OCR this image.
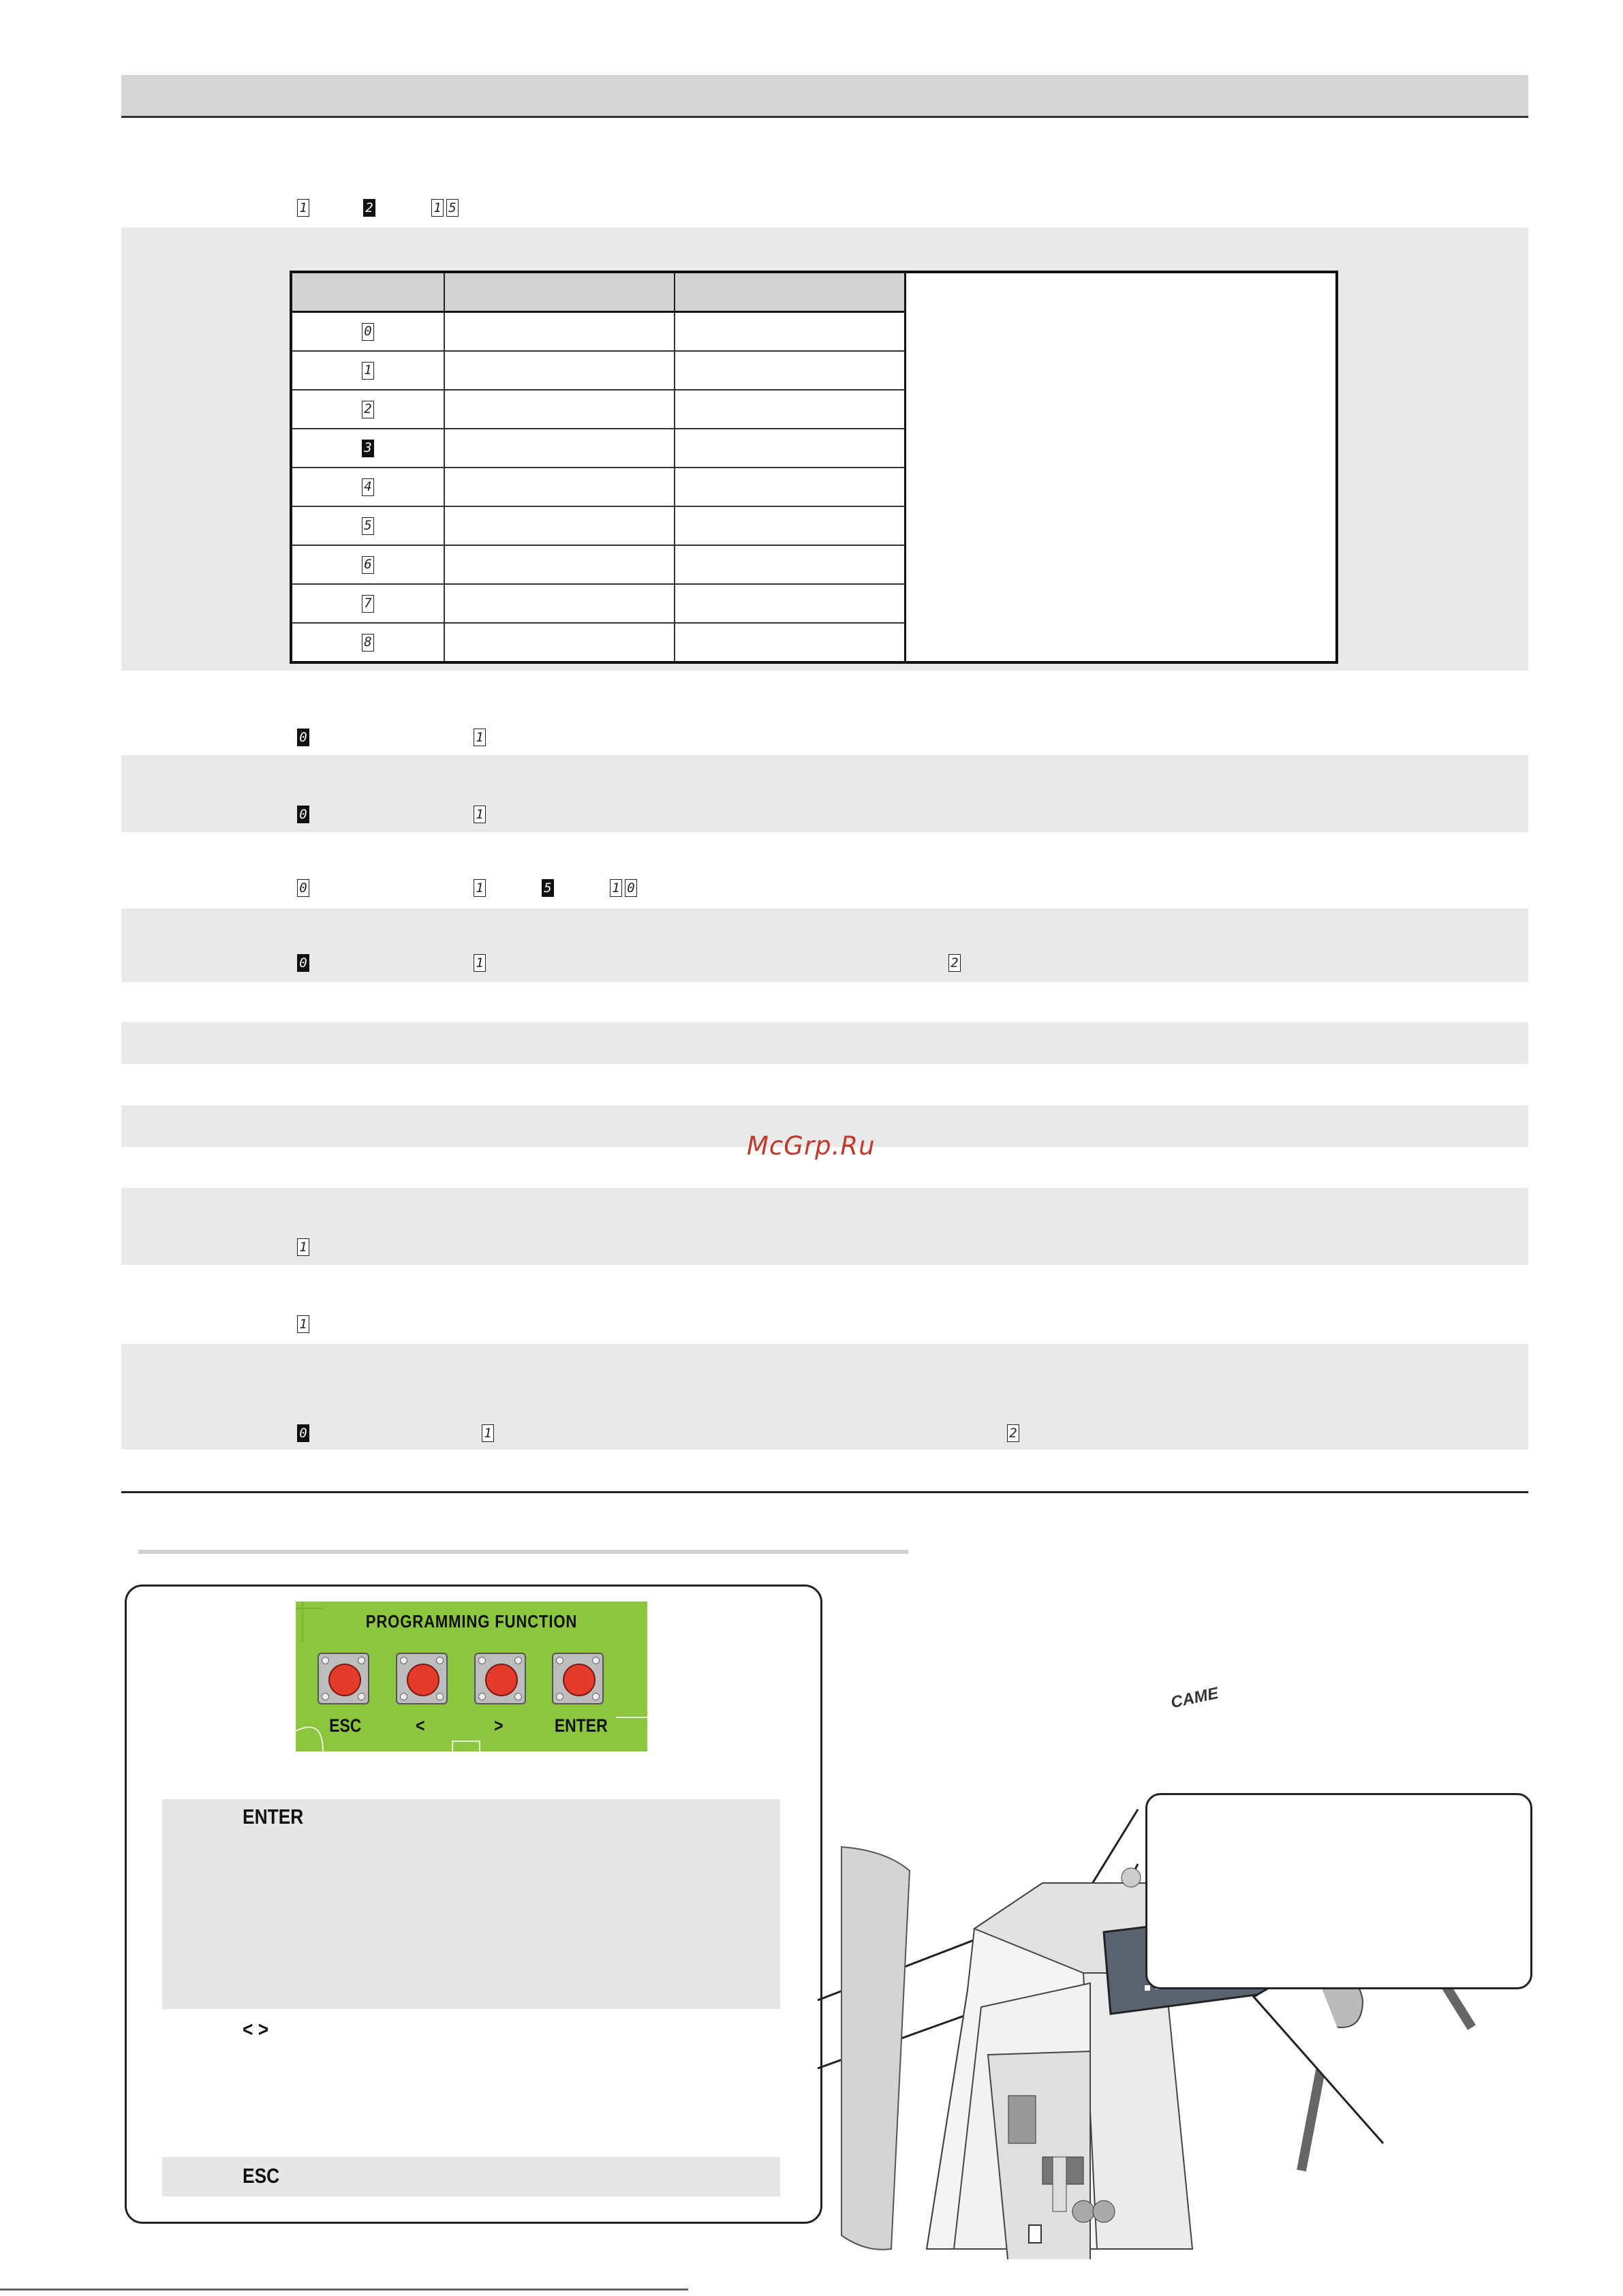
1	2	1 5

0			
1			
2			
3			
4			
5			
6			
7			
8			
0	1
0	1
0	1	5	1 0
0	1	2
McGrp.Ru
1
1
0	1	2
PROGRAMMING FUNCTION
ESC	<	>	ENTER
ENTER
< >
ESC
CAME
